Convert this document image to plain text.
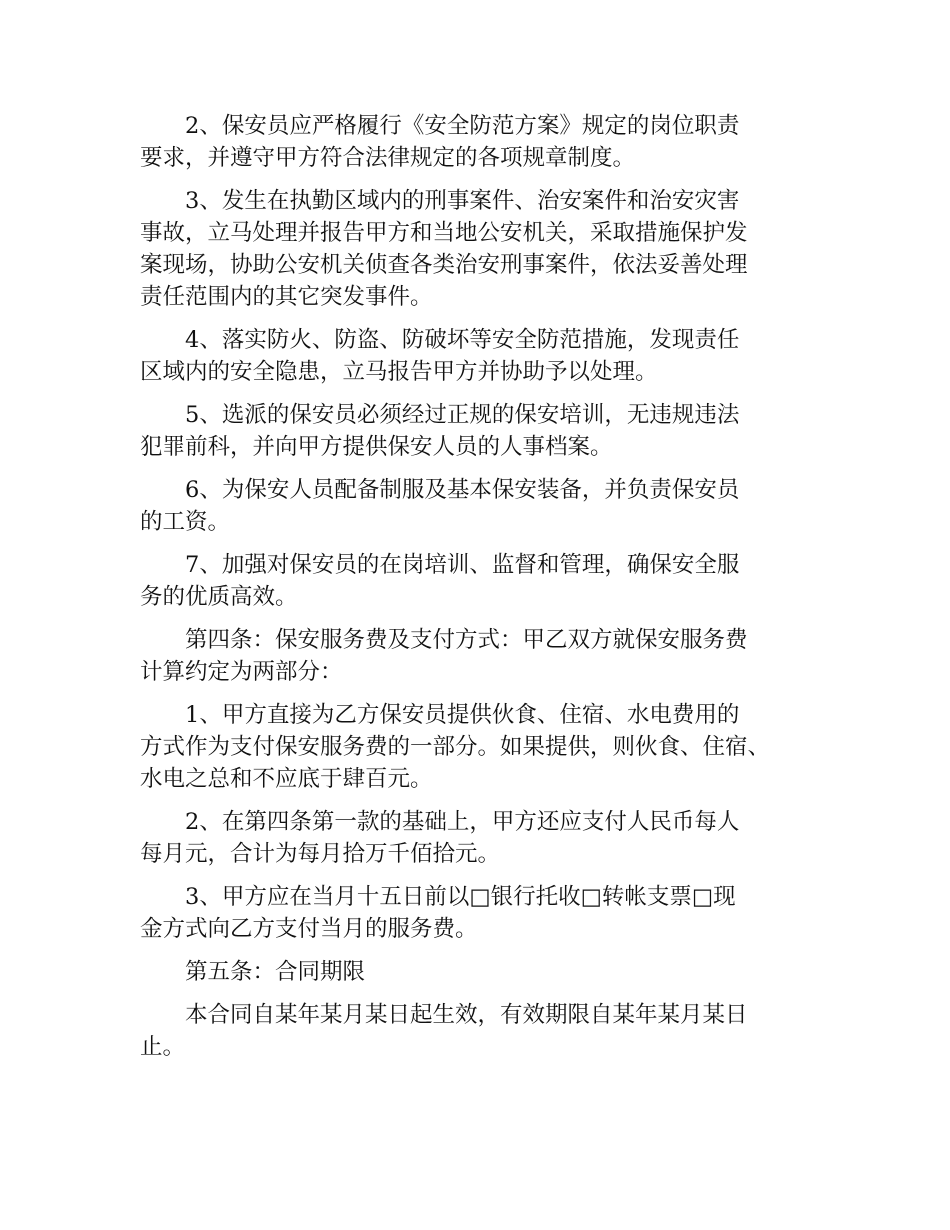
2、保安员应严格履行《安全防范方案》规定的岗位职责
要求，并遵守甲方符合法律规定的各项规章制度。
3、发生在执勤区域内的刑事案件、治安案件和治安灾害
事故，立马处理并报告甲方和当地公安机关，采取措施保护发
案现场，协助公安机关侦查各类治安刑事案件，依法妥善处理
责任范围内的其它突发事件。
4、落实防火、防盗、防破坏等安全防范措施，发现责任
区域内的安全隐患，立马报告甲方并协助予以处理。
5、选派的保安员必须经过正规的保安培训，无违规违法
犯罪前科，并向甲方提供保安人员的人事档案。
6、为保安人员配备制服及基本保安装备，并负责保安员
的工资。
7、加强对保安员的在岗培训、监督和管理，确保安全服
务的优质高效。
第四条：保安服务费及支付方式：甲乙双方就保安服务费
计算约定为两部分：
1、甲方直接为乙方保安员提供伙食、住宿、水电费用的
方式作为支付保安服务费的一部分。如果提供，则伙食、住宿、
水电之总和不应底于肆百元。
2、在第四条第一款的基础上，甲方还应支付人民币每人
每月元，合计为每月拾万千佰拾元。
3、甲方应在当月十五日前以□银行托收□转帐支票□现
金方式向乙方支付当月的服务费。
第五条：合同期限
本合同自某年某月某日起生效，有效期限自某年某月某日
止。
